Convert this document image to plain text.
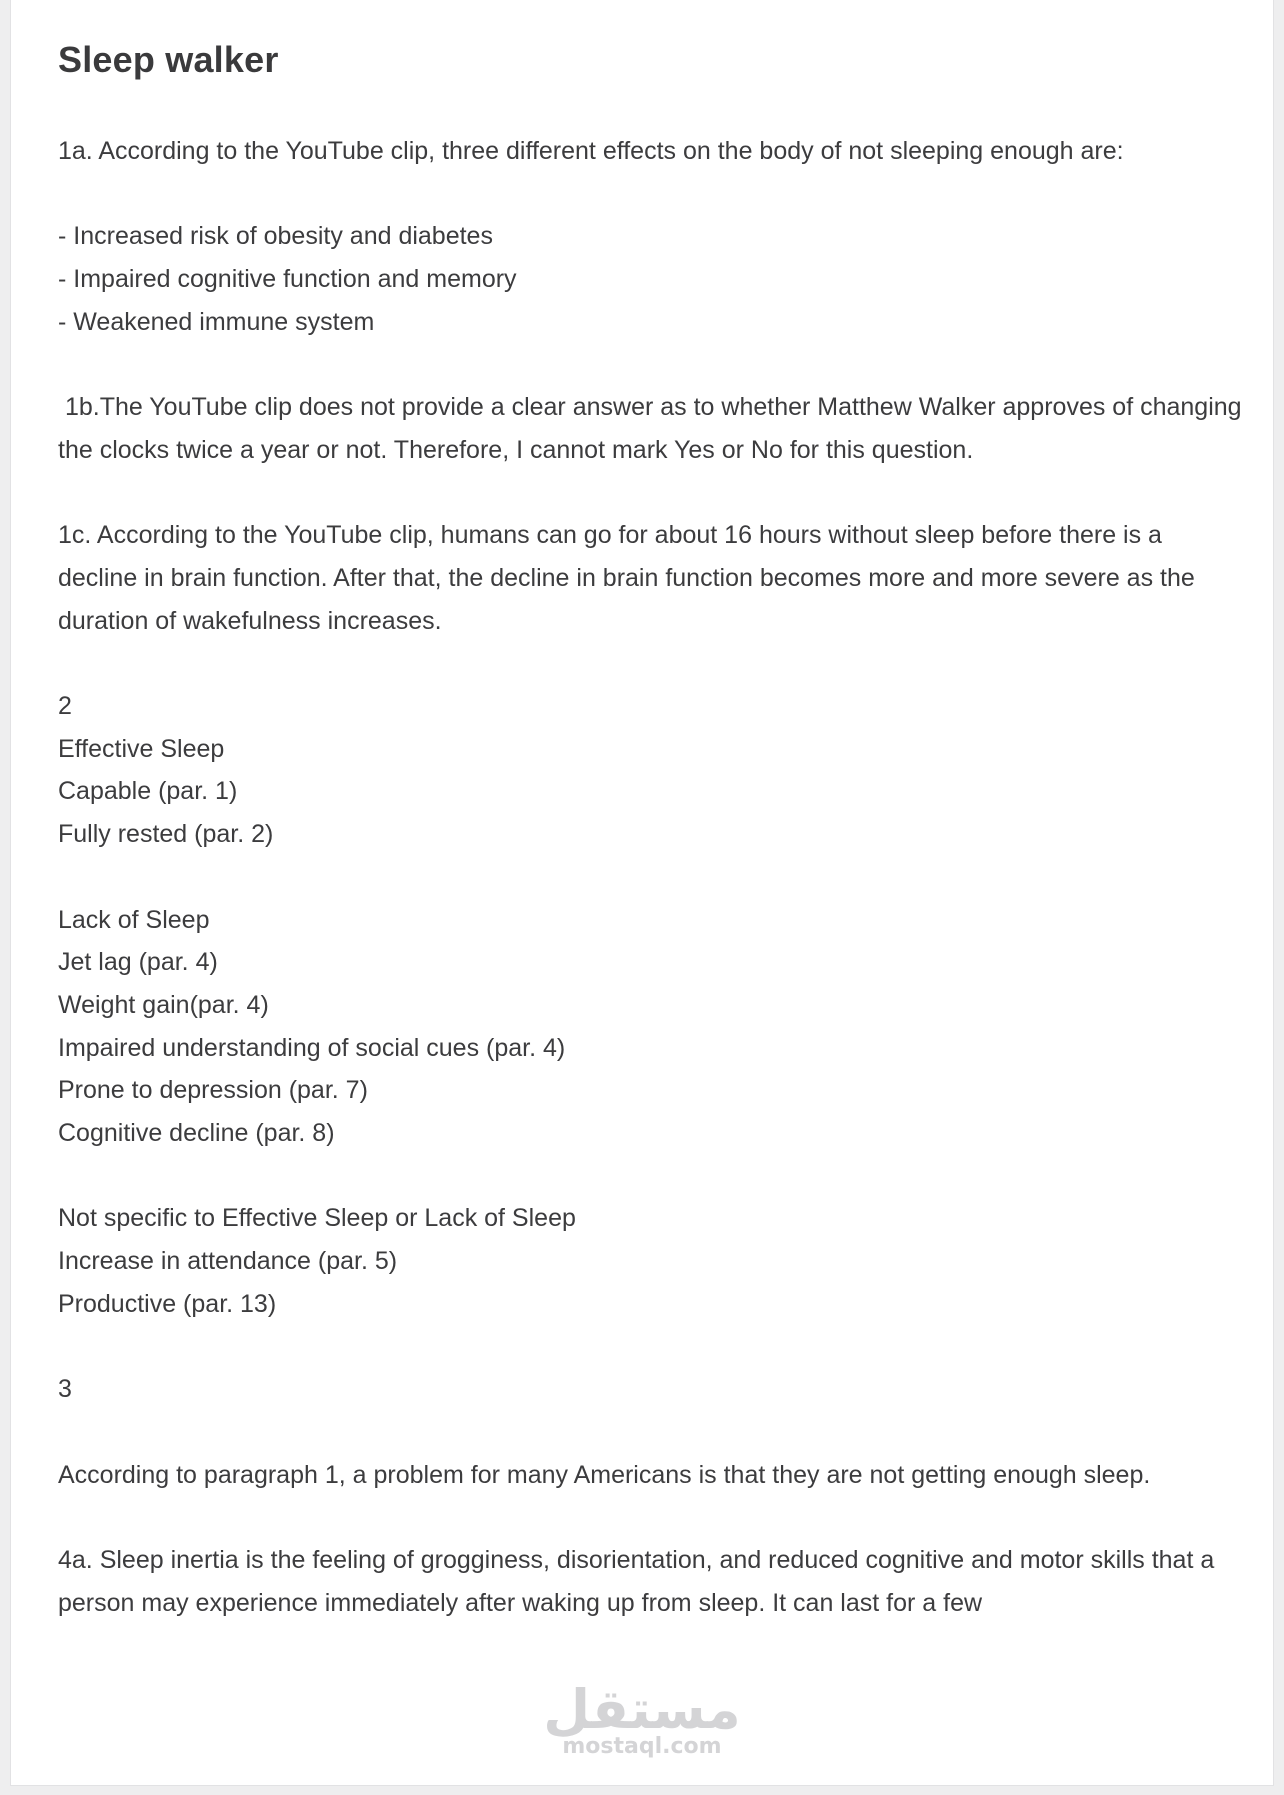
Sleep walker

1a. According to the YouTube clip, three different effects on the body of not sleeping enough are:

- Increased risk of obesity and diabetes

- Impaired cognitive function and memory

- Weakened immune system

1b.The YouTube clip does not provide a clear answer as to whether Matthew Walker approves of changing the clocks twice a year or not. Therefore, I cannot mark Yes or No for this question.

1c. According to the YouTube clip, humans can go for about 16 hours without sleep before there is a decline in brain function. After that, the decline in brain function becomes more and more severe as the duration of wakefulness increases.

2

Effective Sleep

Capable (par. 1)

Fully rested (par. 2)

Lack of Sleep

Jet lag (par. 4)

Weight gain(par. 4)

Impaired understanding of social cues (par. 4)

Prone to depression (par. 7)

Cognitive decline (par. 8)

Not specific to Effective Sleep or Lack of Sleep

Increase in attendance (par. 5)

Productive (par. 13)

3

According to paragraph 1, a problem for many Americans is that they are not getting enough sleep.

4a. Sleep inertia is the feeling of grogginess, disorientation, and reduced cognitive and motor skills that a person may experience immediately after waking up from sleep. It can last for a few

مستقل
mostaql.com
